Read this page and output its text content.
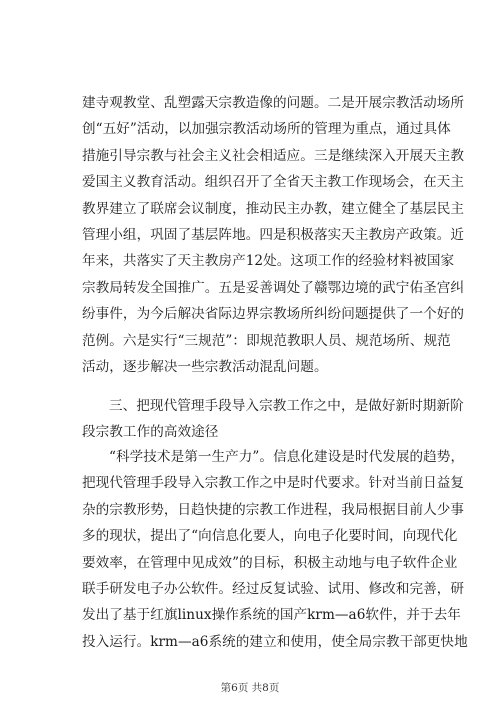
建寺观教堂、乱塑露天宗教造像的问题。二是开展宗教活动场所
创“五好”活动，以加强宗教活动场所的管理为重点，通过具体
措施引导宗教与社会主义社会相适应。三是继续深入开展天主教
爱国主义教育活动。组织召开了全省天主教工作现场会，在天主
教界建立了联席会议制度，推动民主办教，建立健全了基层民主
管理小组，巩固了基层阵地。四是积极落实天主教房产政策。近
年来，共落实了天主教房产12处。这项工作的经验材料被国家
宗教局转发全国推广。五是妥善调处了赣鄂边境的武宁佑圣宫纠
纷事件，为今后解决省际边界宗教场所纠纷问题提供了一个好的
范例。六是实行“三规范”：即规范教职人员、规范场所、规范
活动，逐步解决一些宗教活动混乱问题。
三、把现代管理手段导入宗教工作之中，是做好新时期新阶
段宗教工作的高效途径
“科学技术是第一生产力”。信息化建设是时代发展的趋势，
把现代管理手段导入宗教工作之中是时代要求。针对当前日益复
杂的宗教形势，日趋快捷的宗教工作进程，我局根据目前人少事
多的现状，提出了“向信息化要人，向电子化要时间，向现代化
要效率，在管理中见成效”的目标，积极主动地与电子软件企业
联手研发电子办公软件。经过反复试验、试用、修改和完善，研
发出了基于红旗linux操作系统的国产krm—a6软件，并于去年
投入运行。krm—a6系统的建立和使用，使全局宗教干部更快地
第6页 共8页
